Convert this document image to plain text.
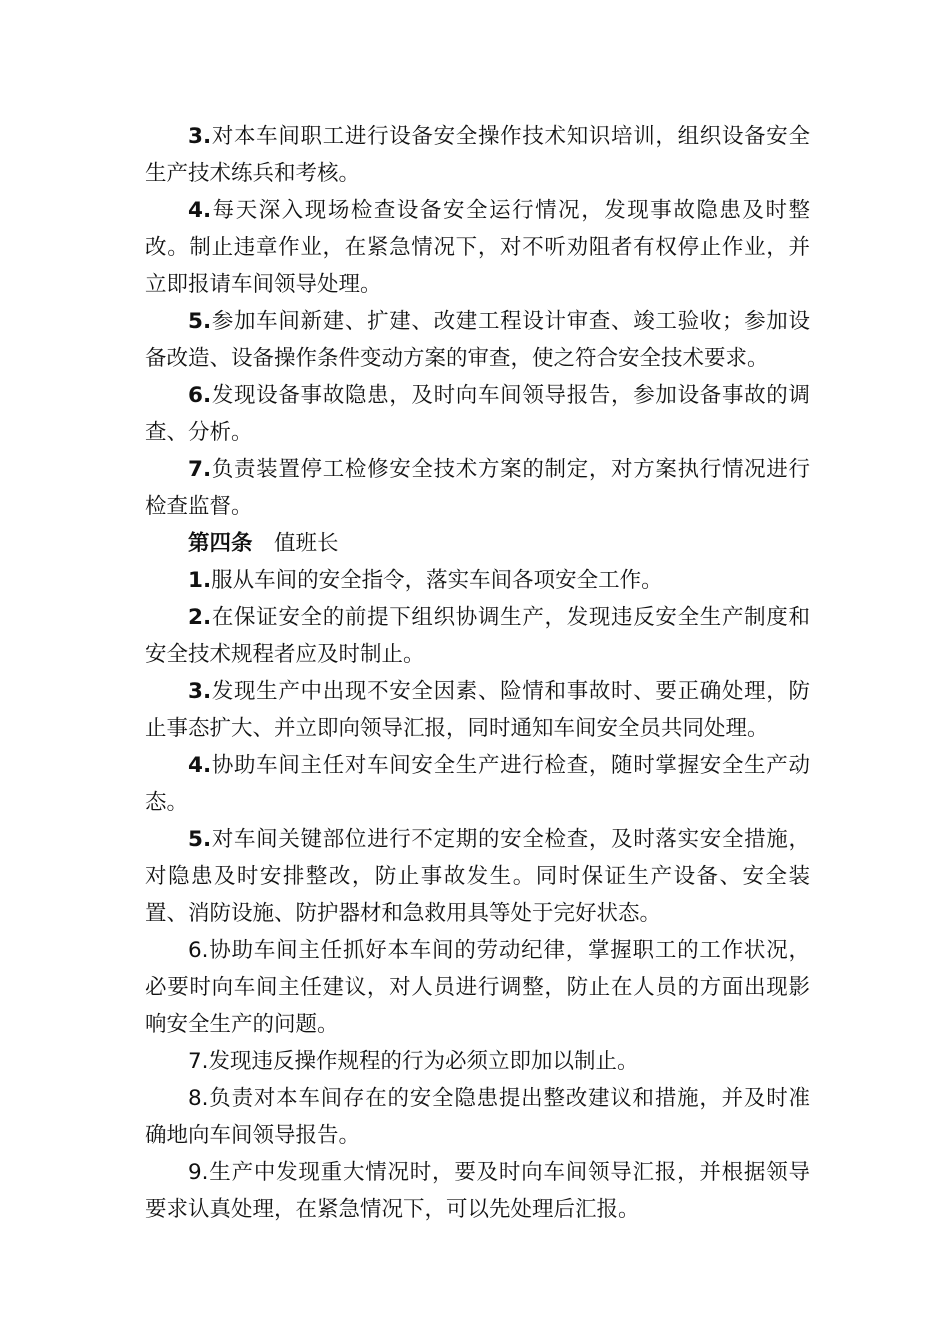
3.对本车间职工进行设备安全操作技术知识培训，组织设备安全生产技术练兵和考核。

4.每天深入现场检查设备安全运行情况，发现事故隐患及时整改。制止违章作业，在紧急情况下，对不听劝阻者有权停止作业，并立即报请车间领导处理。

5.参加车间新建、扩建、改建工程设计审查、竣工验收；参加设备改造、设备操作条件变动方案的审查，使之符合安全技术要求。

6.发现设备事故隐患，及时向车间领导报告，参加设备事故的调查、分析。

7.负责装置停工检修安全技术方案的制定，对方案执行情况进行检查监督。

第四条 值班长

1.服从车间的安全指令，落实车间各项安全工作。

2.在保证安全的前提下组织协调生产，发现违反安全生产制度和安全技术规程者应及时制止。

3.发现生产中出现不安全因素、险情和事故时、要正确处理，防止事态扩大、并立即向领导汇报，同时通知车间安全员共同处理。

4.协助车间主任对车间安全生产进行检查，随时掌握安全生产动态。

5.对车间关键部位进行不定期的安全检查，及时落实安全措施，对隐患及时安排整改，防止事故发生。同时保证生产设备、安全装置、消防设施、防护器材和急救用具等处于完好状态。

6.协助车间主任抓好本车间的劳动纪律，掌握职工的工作状况，必要时向车间主任建议，对人员进行调整，防止在人员的方面出现影响安全生产的问题。

7.发现违反操作规程的行为必须立即加以制止。

8.负责对本车间存在的安全隐患提出整改建议和措施，并及时准确地向车间领导报告。

9.生产中发现重大情况时，要及时向车间领导汇报，并根据领导要求认真处理，在紧急情况下，可以先处理后汇报。
